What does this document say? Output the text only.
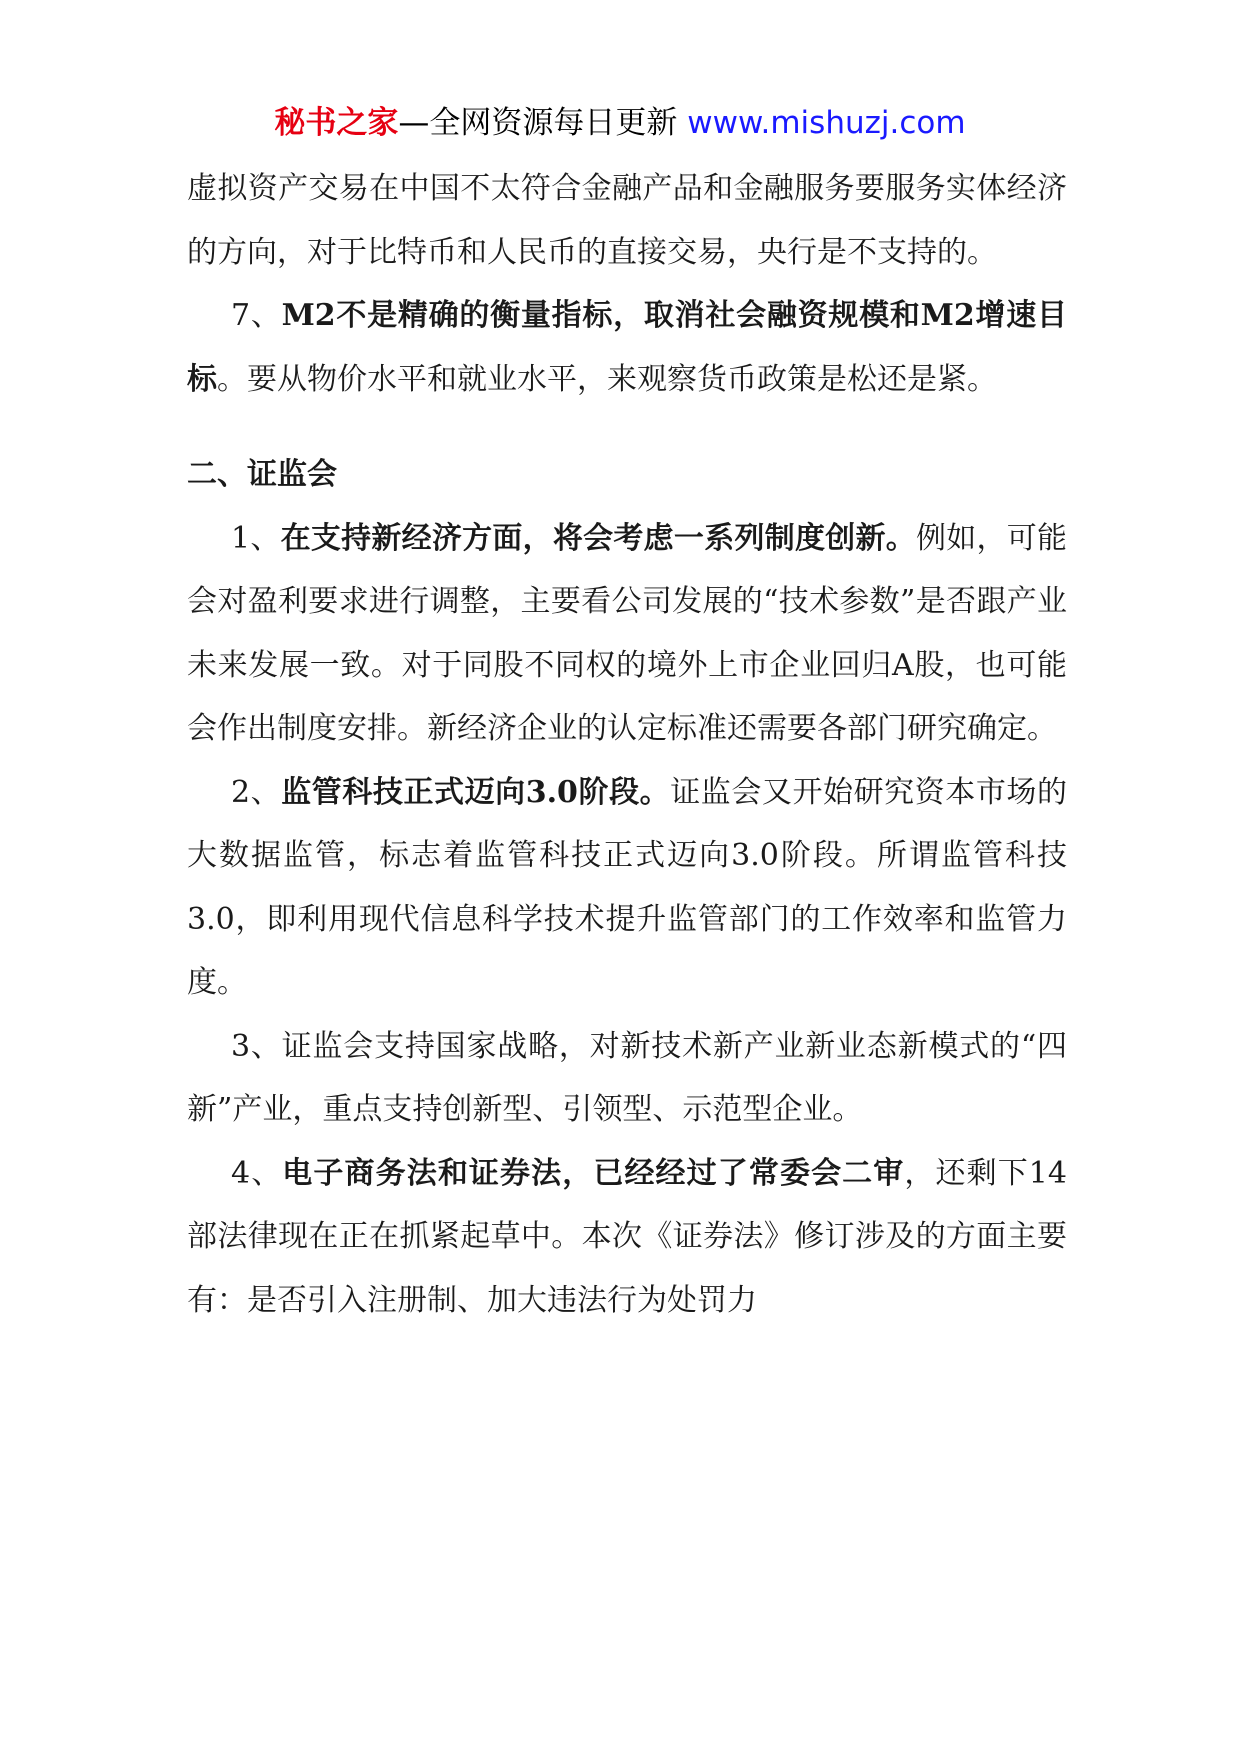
秘书之家—全网资源每日更新 www.mishuzj.com

虚拟资产交易在中国不太符合金融产品和金融服务要服务实体经济的方向，对于比特币和人民币的直接交易，央行是不支持的。

7、M2不是精确的衡量指标，取消社会融资规模和M2增速目标。要从物价水平和就业水平，来观察货币政策是松还是紧。

二、证监会

1、在支持新经济方面，将会考虑一系列制度创新。例如，可能会对盈利要求进行调整，主要看公司发展的“技术参数”是否跟产业未来发展一致。对于同股不同权的境外上市企业回归A股，也可能会作出制度安排。新经济企业的认定标准还需要各部门研究确定。

2、监管科技正式迈向3.0阶段。证监会又开始研究资本市场的大数据监管，标志着监管科技正式迈向3.0阶段。所谓监管科技3.0，即利用现代信息科学技术提升监管部门的工作效率和监管力度。

3、证监会支持国家战略，对新技术新产业新业态新模式的“四新”产业，重点支持创新型、引领型、示范型企业。

4、电子商务法和证券法，已经经过了常委会二审，还剩下14部法律现在正在抓紧起草中。本次《证券法》修订涉及的方面主要有：是否引入注册制、加大违法行为处罚力
